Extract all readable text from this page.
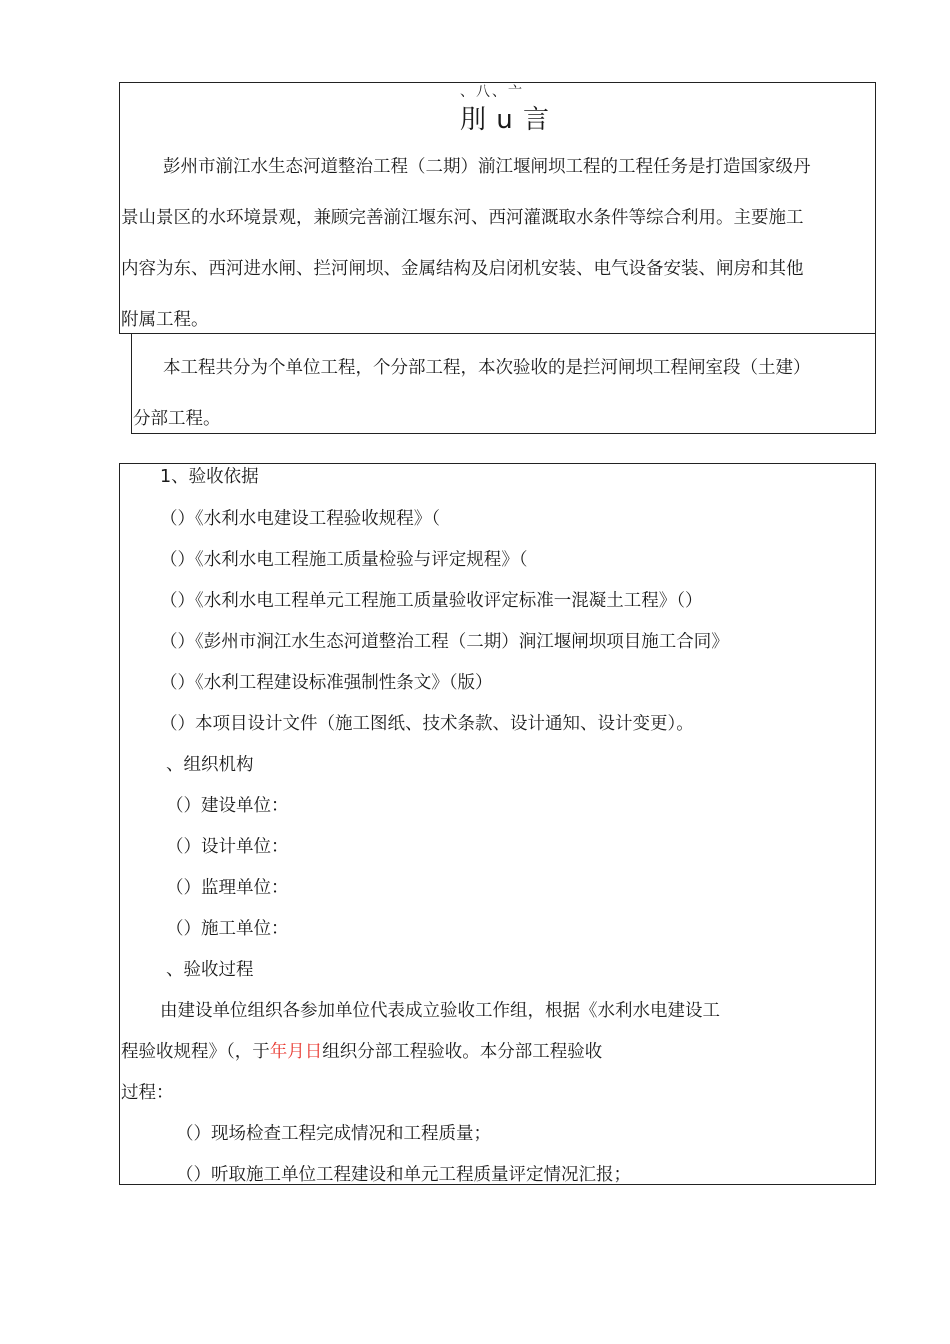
、八、亠
刖 u 言
彭州市湔江水生态河道整治工程（二期）湔江堰闸坝工程的工程任务是打造国家级丹
景山景区的水环境景观，兼顾完善湔江堰东河、西河灌溉取水条件等综合利用。主要施工
内容为东、西河进水闸、拦河闸坝、金属结构及启闭机安装、电气设备安装、闸房和其他
附属工程。
本工程共分为个单位工程，个分部工程，本次验收的是拦河闸坝工程闸室段（土建）
分部工程。
1、验收依据
（）《水利水电建设工程验收规程》（
（）《水利水电工程施工质量检验与评定规程》（
（）《水利水电工程单元工程施工质量验收评定标准一混凝土工程》（）
（）《彭州市涧江水生态河道整治工程（二期）涧江堰闸坝项目施工合同》
（）《水利工程建设标准强制性条文》（版）
（）本项目设计文件（施工图纸、技术条款、设计通知、设计变更）。
、组织机构
（）建设单位：
（）设计单位：
（）监理单位：
（）施工单位：
、验收过程
由建设单位组织各参加单位代表成立验收工作组，根据《水利水电建设工
程验收规程》（，于年月日组织分部工程验收。本分部工程验收
过程：
（）现场检查工程完成情况和工程质量；
（）听取施工单位工程建设和单元工程质量评定情况汇报；
